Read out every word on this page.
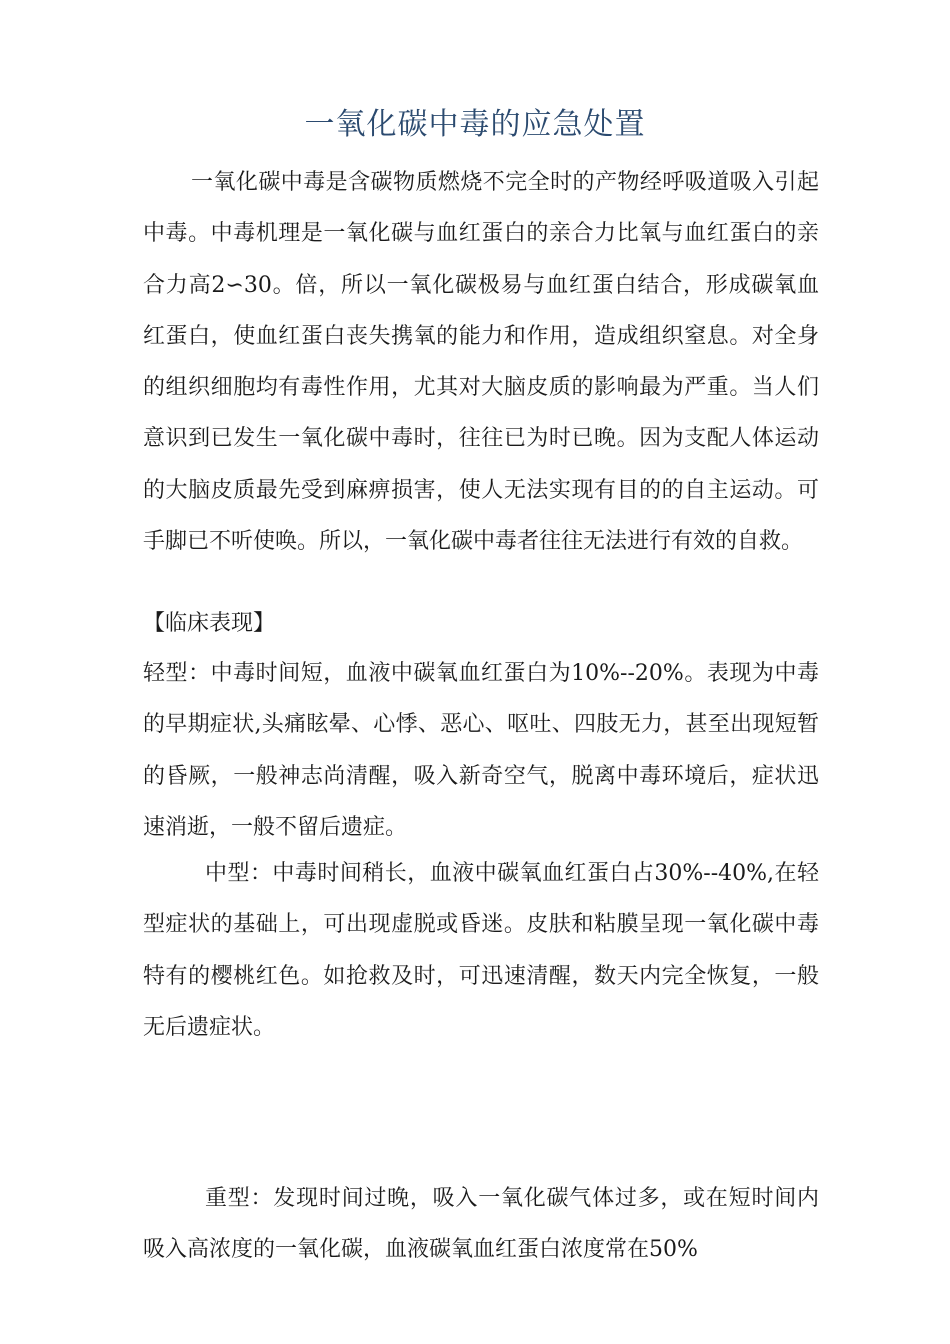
一氧化碳中毒的应急处置

一氧化碳中毒是含碳物质燃烧不完全时的产物经呼吸道吸入引起中毒。中毒机理是一氧化碳与血红蛋白的亲合力比氧与血红蛋白的亲合力高2∽30。倍，所以一氧化碳极易与血红蛋白结合，形成碳氧血红蛋白，使血红蛋白丧失携氧的能力和作用，造成组织窒息。对全身的组织细胞均有毒性作用，尤其对大脑皮质的影响最为严重。当人们意识到已发生一氧化碳中毒时，往往已为时已晚。因为支配人体运动的大脑皮质最先受到麻痹损害，使人无法实现有目的的自主运动。可手脚已不听使唤。所以，一氧化碳中毒者往往无法进行有效的自救。

【临床表现】

轻型：中毒时间短，血液中碳氧血红蛋白为10%--20%。表现为中毒的早期症状,头痛眩晕、心悸、恶心、呕吐、四肢无力，甚至出现短暂的昏厥，一般神志尚清醒，吸入新奇空气，脱离中毒环境后，症状迅速消逝，一般不留后遗症。

中型：中毒时间稍长，血液中碳氧血红蛋白占30%--40%,在轻型症状的基础上，可出现虚脱或昏迷。皮肤和粘膜呈现一氧化碳中毒特有的樱桃红色。如抢救及时，可迅速清醒，数天内完全恢复，一般无后遗症状。

重型：发现时间过晚，吸入一氧化碳气体过多，或在短时间内吸入高浓度的一氧化碳，血液碳氧血红蛋白浓度常在50%
